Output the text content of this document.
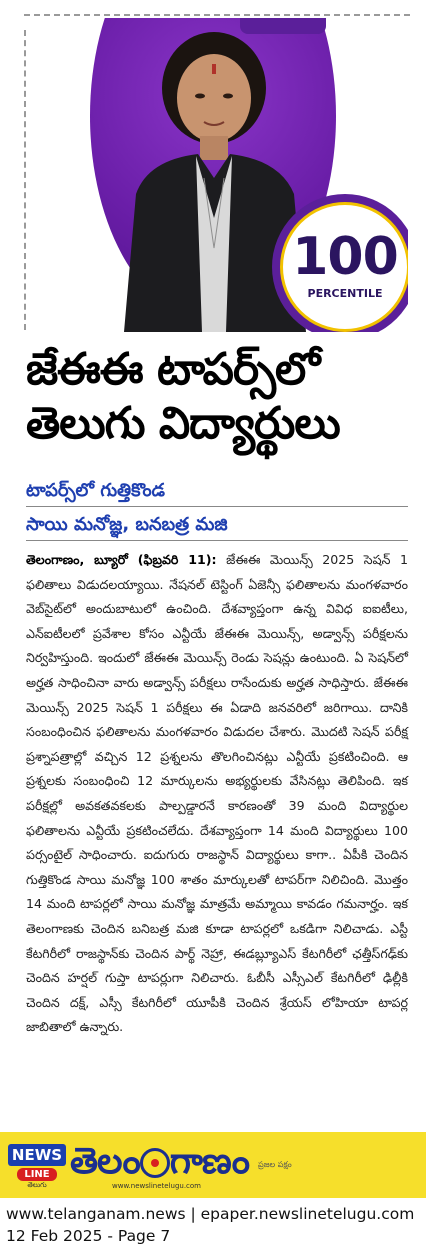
100
PERCENTILE
జేఈఈ టాపర్స్‌లో
తెలుగు విద్యార్థులు
టాపర్స్‌లో గుత్తికొండ
సాయి మనోజ్ఞ, బనబత్ర మజి
తెలంగాణం, బ్యూరో (ఫిబ్రవరి 11): జేఈఈ మెయిన్స్ 2025 సెషన్ 1 ఫలితాలు విడుదలయ్యాయి. నేషనల్ టెస్టింగ్ ఏజెన్సీ ఫలితాలను మంగళవారం వెబ్‌సైట్‌లో అందుబాటులో ఉంచింది. దేశవ్యాప్తంగా ఉన్న వివిధ ఐఐటీలు, ఎన్ఐటీలలో ప్రవేశాల కోసం ఎన్టీయే జేఈఈ మెయిన్స్, అడ్వాన్స్ పరీక్షలను నిర్వహిస్తుంది. ఇందులో జేఈఈ మెయిన్స్ రెండు సెషన్లు ఉంటుంది. ఏ సెషన్‌లో అర్హత సాధించినా వారు అడ్వాన్స్ పరీక్షలు రాసేందుకు అర్హత సాధిస్తారు. జేఈఈ మెయిన్స్ 2025 సెషన్ 1 పరీక్షలు ఈ ఏడాది జనవరిలో జరిగాయి. దానికి సంబంధించిన ఫలితాలను మంగళవారం విడుదల చేశారు. మొదటి సెషన్ పరీక్ష ప్రశ్నాపత్రాల్లో వచ్చిన 12 ప్రశ్నలను తొలగించినట్లు ఎన్టీయే ప్రకటించింది. ఆ ప్రశ్నలకు సంబంధించి 12 మార్కులను అభ్యర్థులకు వేసినట్లు తెలిపింది. ఇక పరీక్షల్లో అవకతవకలకు పాల్పడ్డారనే కారణంతో 39 మంది విద్యార్థుల ఫలితాలను ఎన్టీయే ప్రకటించలేదు. దేశవ్యాప్తంగా 14 మంది విద్యార్థులు 100 పర్సంటైల్ సాధించారు. ఐదుగురు రాజస్థాన్ విద్యార్థులు కాగా.. ఏపీకి చెందిన గుత్తికొండ సాయి మనోజ్ఞ 100 శాతం మార్కులతో టాపర్‌గా నిలిచింది. మొత్తం 14 మంది టాపర్లలో సాయి మనోజ్ఞ మాత్రమే అమ్మాయి కావడం గమనార్హం. ఇక తెలంగాణకు చెందిన బనిబత్ర మజి కూడా టాపర్లలో ఒకడిగా నిలిచాడు. ఎస్టీ కేటగిరీలో రాజస్థాన్‌కు చెందిన పార్థ్ నెహ్రా, ఈడబ్ల్యూఎస్ కేటగిరీలో ఛత్తీస్‌గఢ్‌కు చెందిన హర్షల్ గుప్తా టాపర్లుగా నిలిచారు. ఓబీసీ ఎస్సీఎల్ కేటగిరీలో ఢిల్లీకి చెందిన దక్ష్, ఎస్సీ కేటగిరీలో యూపీకి చెందిన శ్రేయస్ లోహియా టాపర్ల జాబితాలో ఉన్నారు.
NEWS
LINE
తెలుగు
తెలం గాణం ప్రజల పక్షం
www.newslinetelugu.com
www.telanganam.news | epaper.newslinetelugu.com
12 Feb 2025 - Page 7
